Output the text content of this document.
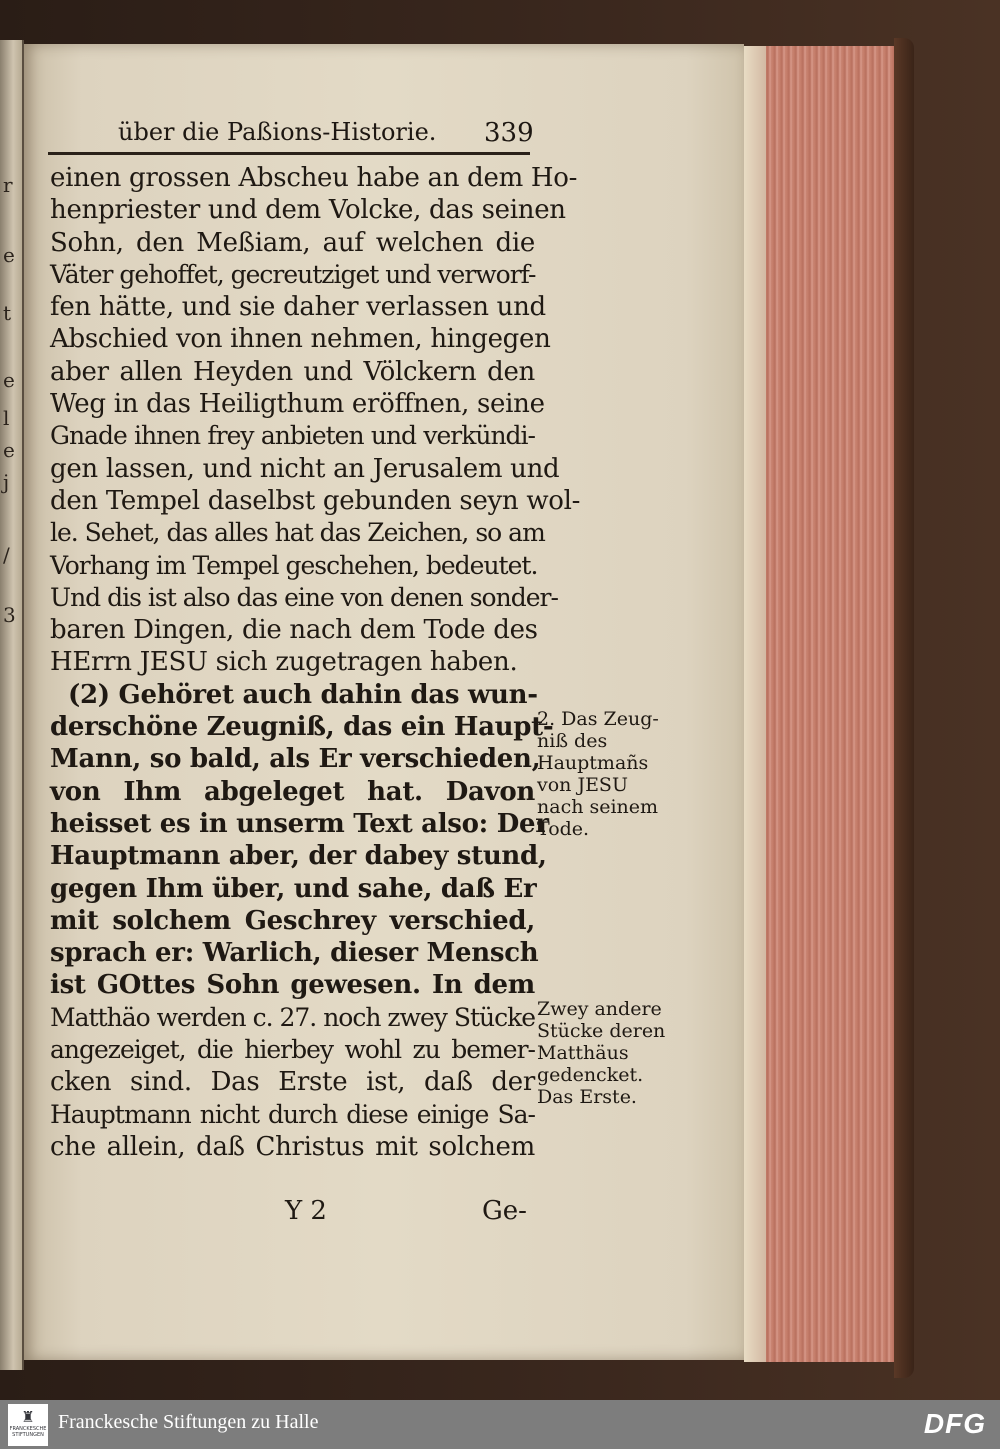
r
e
t
e
l
e
j
/
3
über die Paßions-Historie. 339
einen grossen Abscheu habe an dem Ho-
henpriester und dem Volcke, das seinen
Sohn, den Meßiam, auf welchen die
Väter gehoffet, gecreutziget und verworf-
fen hätte, und sie daher verlassen und
Abschied von ihnen nehmen, hingegen
aber allen Heyden und Völckern den
Weg in das Heiligthum eröffnen, seine
Gnade ihnen frey anbieten und verkündi-
gen lassen, und nicht an Jerusalem und
den Tempel daselbst gebunden seyn wol-
le. Sehet, das alles hat das Zeichen, so am
Vorhang im Tempel geschehen, bedeutet.
Und dis ist also das eine von denen sonder-
baren Dingen, die nach dem Tode des
HErrn JESU sich zugetragen haben.
(2) Gehöret auch dahin das wun-
derschöne Zeugniß, das ein Haupt-
Mann, so bald, als Er verschieden,
von Ihm abgeleget hat. Davon
heisset es in unserm Text also: Der
Hauptmann aber, der dabey stund,
gegen Ihm über, und sahe, daß Er
mit solchem Geschrey verschied,
sprach er: Warlich, dieser Mensch
ist GOttes Sohn gewesen. In dem
Matthäo werden c. 27. noch zwey Stücke
angezeiget, die hierbey wohl zu bemer-
cken sind. Das Erste ist, daß der
Hauptmann nicht durch diese einige Sa-
che allein, daß Christus mit solchem
2. Das Zeug-
niß des
Hauptmañs
von JESU
nach seinem
Tode.
Zwey andere
Stücke deren
Matthäus
gedencket.
Das Erste.
Y 2	Ge-
♜
FRANCKESCHE STIFTUNGEN
Franckesche Stiftungen zu Halle	DFG
